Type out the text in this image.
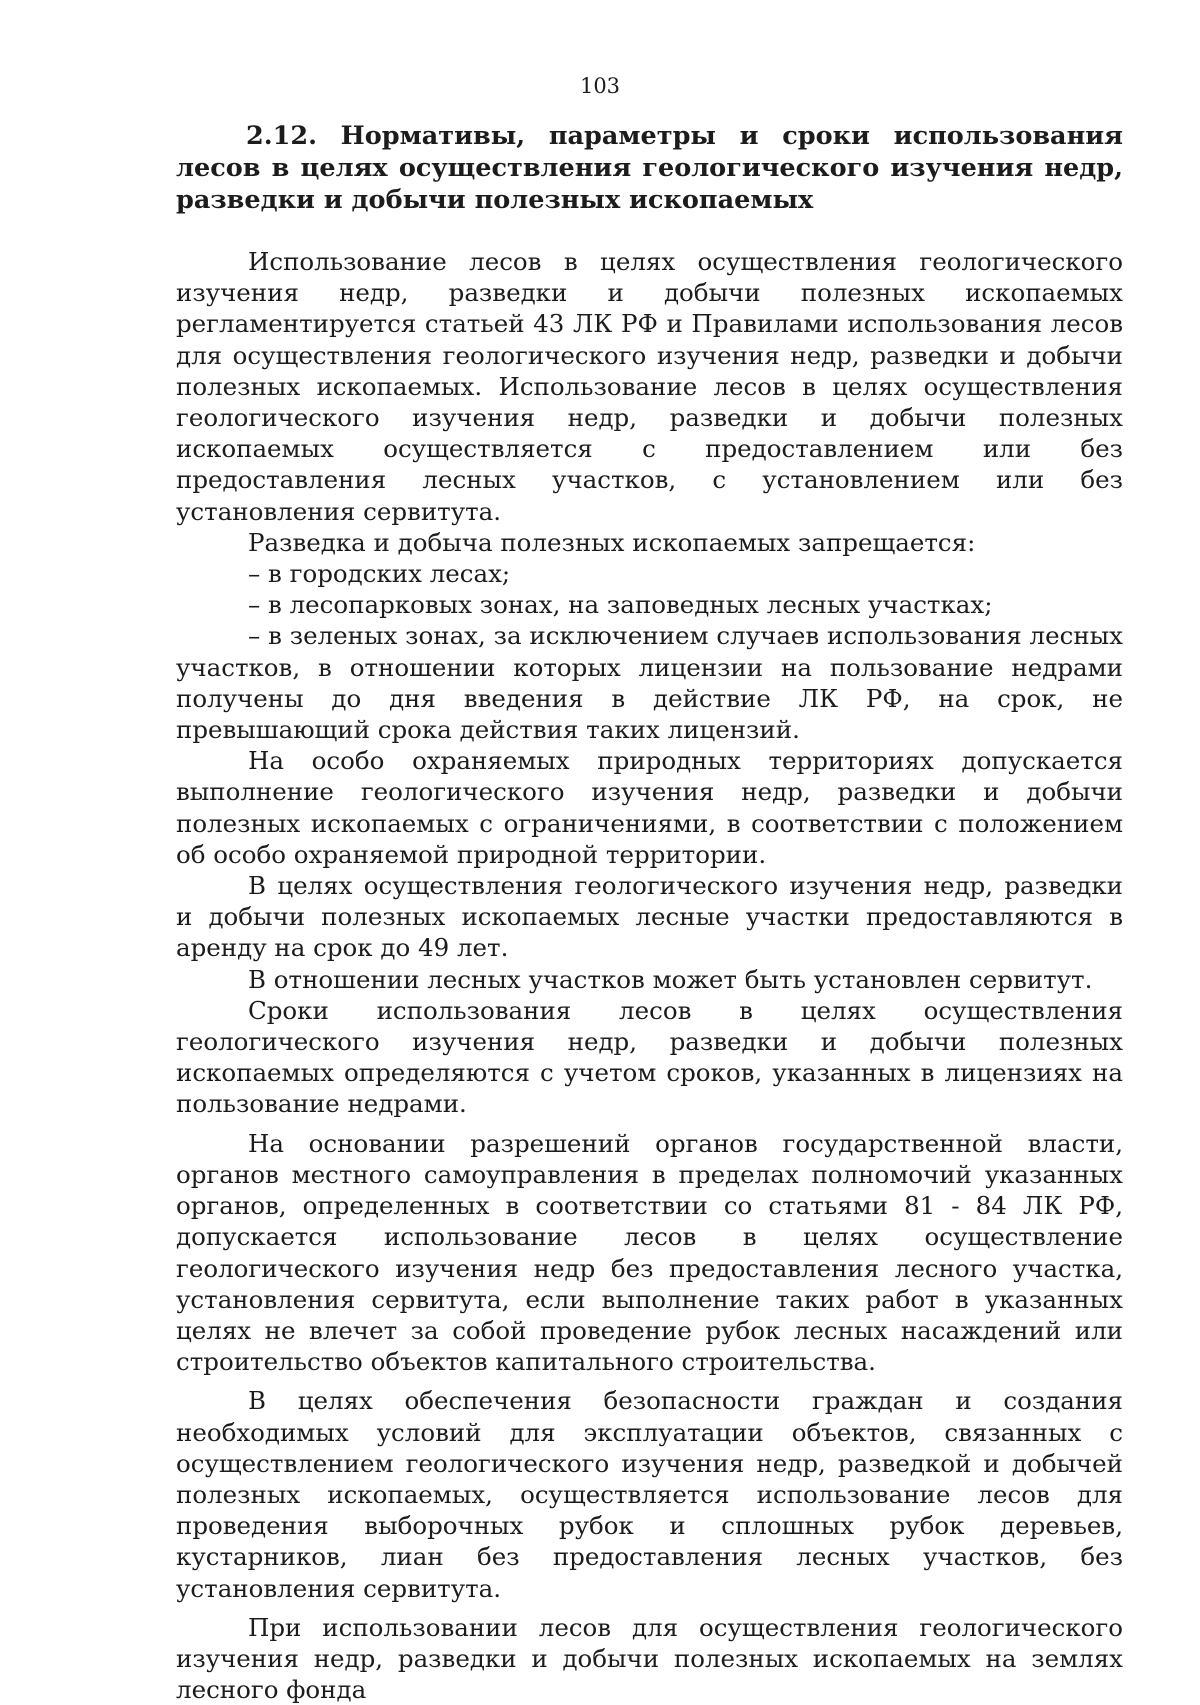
103
2.12. Нормативы, параметры и сроки использования лесов в целях осуществления геологического изучения недр, разведки и добычи полезных ископаемых

Использование лесов в целях осуществления геологического изучения недр, разведки и добычи полезных ископаемых регламентируется статьей 43 ЛК РФ и Правилами использования лесов для осуществления геологического изучения недр, разведки и добычи полезных ископаемых. Использование лесов в целях осуществления геологического изучения недр, разведки и добычи полезных ископаемых осуществляется с предоставлением или без предоставления лесных участков, с установлением или без установления сервитута.

Разведка и добыча полезных ископаемых запрещается:

– в городских лесах;

– в лесопарковых зонах, на заповедных лесных участках;

– в зеленых зонах, за исключением случаев использования лесных участков, в отношении которых лицензии на пользование недрами получены до дня введения в действие ЛК РФ, на срок, не превышающий срока действия таких лицензий.

На особо охраняемых природных территориях допускается выполнение геологического изучения недр, разведки и добычи полезных ископаемых с ограничениями, в соответствии с положением об особо охраняемой природной территории.

В целях осуществления геологического изучения недр, разведки и добычи полезных ископаемых лесные участки предоставляются в аренду на срок до 49 лет.

В отношении лесных участков может быть установлен сервитут.

Сроки использования лесов в целях осуществления геологического изучения недр, разведки и добычи полезных ископаемых определяются с учетом сроков, указанных в лицензиях на пользование недрами.

На основании разрешений органов государственной власти, органов местного самоуправления в пределах полномочий указанных органов, определенных в соответствии со статьями 81 - 84 ЛК РФ, допускается использование лесов в целях осуществление геологического изучения недр без предоставления лесного участка, установления сервитута, если выполнение таких работ в указанных целях не влечет за собой проведение рубок лесных насаждений или строительство объектов капитального строительства.

В целях обеспечения безопасности граждан и создания необходимых условий для эксплуатации объектов, связанных с осуществлением геологического изучения недр, разведкой и добычей полезных ископаемых, осуществляется использование лесов для проведения выборочных рубок и сплошных рубок деревьев, кустарников, лиан без предоставления лесных участков, без установления сервитута.

При использовании лесов для осуществления геологического изучения недр, разведки и добычи полезных ископаемых на землях лесного фонда
